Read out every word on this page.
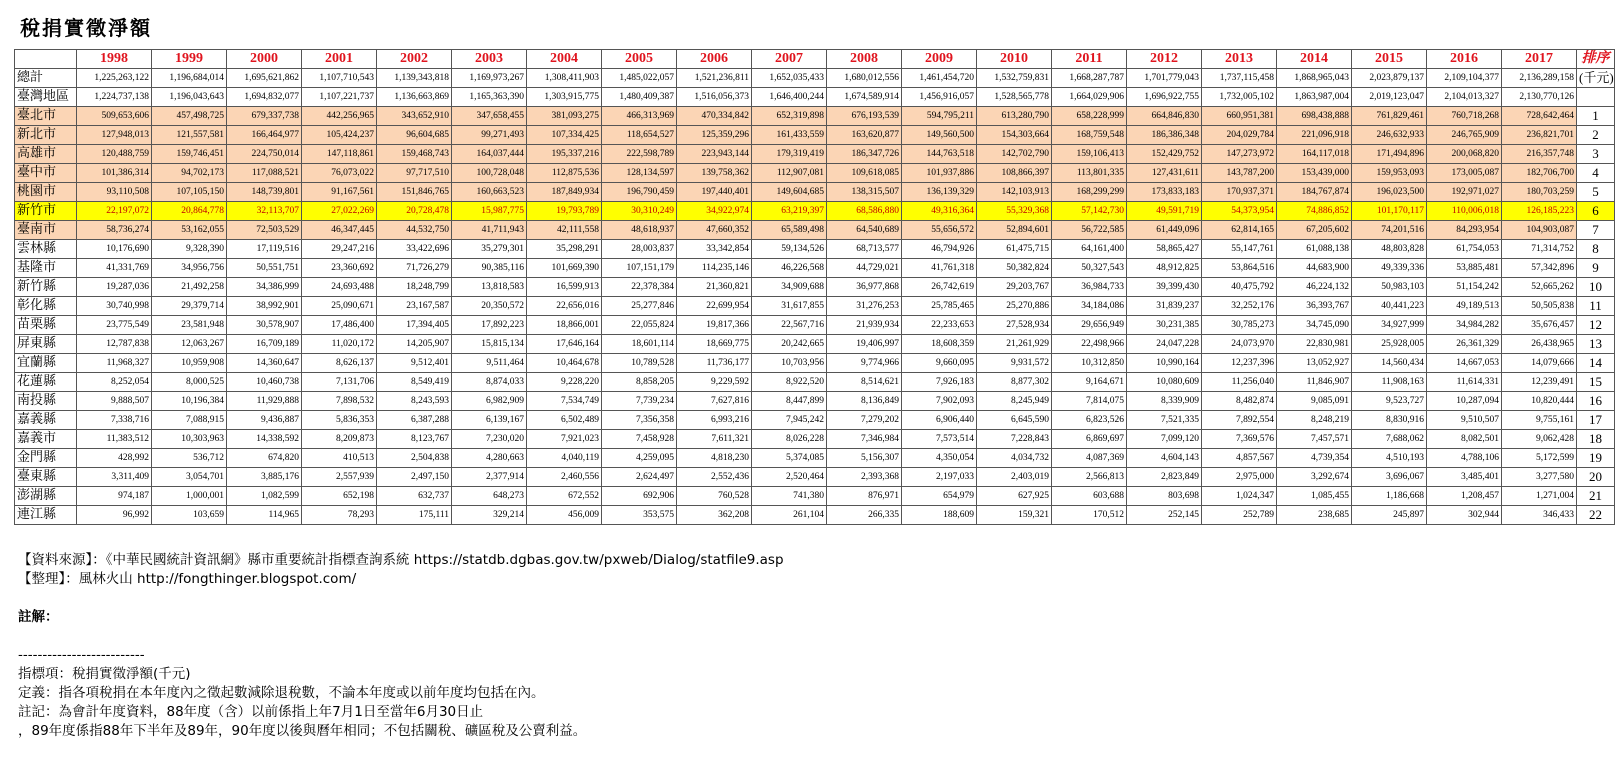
稅捐實徵淨額
	1998	1999	2000	2001	2002	2003	2004	2005	2006	2007	2008	2009	2010	2011	2012	2013	2014	2015	2016	2017	排序
總計	1,225,263,122	1,196,684,014	1,695,621,862	1,107,710,543	1,139,343,818	1,169,973,267	1,308,411,903	1,485,022,057	1,521,236,811	1,652,035,433	1,680,012,556	1,461,454,720	1,532,759,831	1,668,287,787	1,701,779,043	1,737,115,458	1,868,965,043	2,023,879,137	2,109,104,377	2,136,289,158	(千元)
臺灣地區	1,224,737,138	1,196,043,643	1,694,832,077	1,107,221,737	1,136,663,869	1,165,363,390	1,303,915,775	1,480,409,387	1,516,056,373	1,646,400,244	1,674,589,914	1,456,916,057	1,528,565,778	1,664,029,906	1,696,922,755	1,732,005,102	1,863,987,004	2,019,123,047	2,104,013,327	2,130,770,126	
臺北市	509,653,606	457,498,725	679,337,738	442,256,965	343,652,910	347,658,455	381,093,275	466,313,969	470,334,842	652,319,898	676,193,539	594,795,211	613,280,790	658,228,999	664,846,830	660,951,381	698,438,888	761,829,461	760,718,268	728,642,464	1
新北市	127,948,013	121,557,581	166,464,977	105,424,237	96,604,685	99,271,493	107,334,425	118,654,527	125,359,296	161,433,559	163,620,877	149,560,500	154,303,664	168,759,548	186,386,348	204,029,784	221,096,918	246,632,933	246,765,909	236,821,701	2
高雄市	120,488,759	159,746,451	224,750,014	147,118,861	159,468,743	164,037,444	195,337,216	222,598,789	223,943,144	179,319,419	186,347,726	144,763,518	142,702,790	159,106,413	152,429,752	147,273,972	164,117,018	171,494,896	200,068,820	216,357,748	3
臺中市	101,386,314	94,702,173	117,088,521	76,073,022	97,717,510	100,728,048	112,875,536	128,134,597	139,758,362	112,907,081	109,618,085	101,937,886	108,866,397	113,801,335	127,431,611	143,787,200	153,439,000	159,953,093	173,005,087	182,706,700	4
桃園市	93,110,508	107,105,150	148,739,801	91,167,561	151,846,765	160,663,523	187,849,934	196,790,459	197,440,401	149,604,685	138,315,507	136,139,329	142,103,913	168,299,299	173,833,183	170,937,371	184,767,874	196,023,500	192,971,027	180,703,259	5
新竹市	22,197,072	20,864,778	32,113,707	27,022,269	20,728,478	15,987,775	19,793,789	30,310,249	34,922,974	63,219,397	68,586,880	49,316,364	55,329,368	57,142,730	49,591,719	54,373,954	74,886,852	101,170,117	110,006,018	126,185,223	6
臺南市	58,736,274	53,162,055	72,503,529	46,347,445	44,532,750	41,711,943	42,111,558	48,618,937	47,660,352	65,589,498	64,540,689	55,656,572	52,894,601	56,722,585	61,449,096	62,814,165	67,205,602	74,201,516	84,293,954	104,903,087	7
雲林縣	10,176,690	9,328,390	17,119,516	29,247,216	33,422,696	35,279,301	35,298,291	28,003,837	33,342,854	59,134,526	68,713,577	46,794,926	61,475,715	64,161,400	58,865,427	55,147,761	61,088,138	48,803,828	61,754,053	71,314,752	8
基隆市	41,331,769	34,956,756	50,551,751	23,360,692	71,726,279	90,385,116	101,669,390	107,151,179	114,235,146	46,226,568	44,729,021	41,761,318	50,382,824	50,327,543	48,912,825	53,864,516	44,683,900	49,339,336	53,885,481	57,342,896	9
新竹縣	19,287,036	21,492,258	34,386,999	24,693,488	18,248,799	13,818,583	16,599,913	22,378,384	21,360,821	34,909,688	36,977,868	26,742,619	29,203,767	36,984,733	39,399,430	40,475,792	46,224,132	50,983,103	51,154,242	52,665,262	10
彰化縣	30,740,998	29,379,714	38,992,901	25,090,671	23,167,587	20,350,572	22,656,016	25,277,846	22,699,954	31,617,855	31,276,253	25,785,465	25,270,886	34,184,086	31,839,237	32,252,176	36,393,767	40,441,223	49,189,513	50,505,838	11
苗栗縣	23,775,549	23,581,948	30,578,907	17,486,400	17,394,405	17,892,223	18,866,001	22,055,824	19,817,366	22,567,716	21,939,934	22,233,653	27,528,934	29,656,949	30,231,385	30,785,273	34,745,090	34,927,999	34,984,282	35,676,457	12
屏東縣	12,787,838	12,063,267	16,709,189	11,020,172	14,205,907	15,815,134	17,646,164	18,601,114	18,669,775	20,242,665	19,406,997	18,608,359	21,261,929	22,498,966	24,047,228	24,073,970	22,830,981	25,928,005	26,361,329	26,438,965	13
宜蘭縣	11,968,327	10,959,908	14,360,647	8,626,137	9,512,401	9,511,464	10,464,678	10,789,528	11,736,177	10,703,956	9,774,966	9,660,095	9,931,572	10,312,850	10,990,164	12,237,396	13,052,927	14,560,434	14,667,053	14,079,666	14
花蓮縣	8,252,054	8,000,525	10,460,738	7,131,706	8,549,419	8,874,033	9,228,220	8,858,205	9,229,592	8,922,520	8,514,621	7,926,183	8,877,302	9,164,671	10,080,609	11,256,040	11,846,907	11,908,163	11,614,331	12,239,491	15
南投縣	9,888,507	10,196,384	11,929,888	7,898,532	8,243,593	6,982,909	7,534,749	7,739,234	7,627,816	8,447,899	8,136,849	7,902,093	8,245,949	7,814,075	8,339,909	8,482,874	9,085,091	9,523,727	10,287,094	10,820,444	16
嘉義縣	7,338,716	7,088,915	9,436,887	5,836,353	6,387,288	6,139,167	6,502,489	7,356,358	6,993,216	7,945,242	7,279,202	6,906,440	6,645,590	6,823,526	7,521,335	7,892,554	8,248,219	8,830,916	9,510,507	9,755,161	17
嘉義市	11,383,512	10,303,963	14,338,592	8,209,873	8,123,767	7,230,020	7,921,023	7,458,928	7,611,321	8,026,228	7,346,984	7,573,514	7,228,843	6,869,697	7,099,120	7,369,576	7,457,571	7,688,062	8,082,501	9,062,428	18
金門縣	428,992	536,712	674,820	410,513	2,504,838	4,280,663	4,040,119	4,259,095	4,818,230	5,374,085	5,156,307	4,350,054	4,034,732	4,087,369	4,604,143	4,857,567	4,739,354	4,510,193	4,788,106	5,172,599	19
臺東縣	3,311,409	3,054,701	3,885,176	2,557,939	2,497,150	2,377,914	2,460,556	2,624,497	2,552,436	2,520,464	2,393,368	2,197,033	2,403,019	2,566,813	2,823,849	2,975,000	3,292,674	3,696,067	3,485,401	3,277,580	20
澎湖縣	974,187	1,000,001	1,082,599	652,198	632,737	648,273	672,552	692,906	760,528	741,380	876,971	654,979	627,925	603,688	803,698	1,024,347	1,085,455	1,186,668	1,208,457	1,271,004	21
連江縣	96,992	103,659	114,965	78,293	175,111	329,214	456,009	353,575	362,208	261,104	266,335	188,609	159,321	170,512	252,145	252,789	238,685	245,897	302,944	346,433	22
【資料來源】：《中華民國統計資訊網》縣市重要統計指標查詢系統 https://statdb.dgbas.gov.tw/pxweb/Dialog/statfile9.asp
【整理】：風林火山 http://fongthinger.blogspot.com/
註解：
--------------------------
指標項：稅捐實徵淨額(千元)
定義：指各項稅捐在本年度內之徵起數減除退稅數，不論本年度或以前年度均包括在內。
註記：為會計年度資料，88年度（含）以前係指上年7月1日至當年6月30日止
，89年度係指88年下半年及89年，90年度以後與曆年相同；不包括關稅、礦區稅及公賣利益。
